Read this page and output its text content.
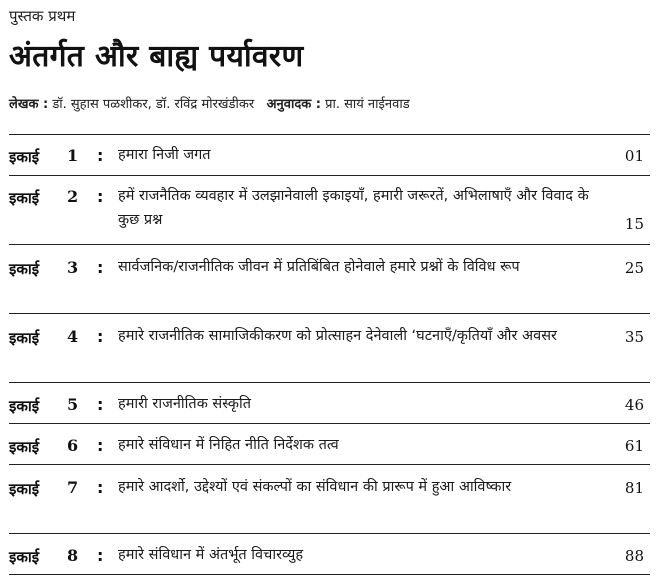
पुस्तक प्रथम
अंतर्गत और बाह्य पर्यावरण
लेखक : डॉ. सुहास पळशीकर, डॉ. रविंद्र मोरखंडीकर अनुवादक : प्रा. सायं नाईनवाड
इकाई 1 : हमारा निजी जगत	01
इकाई 2 : हमें राजनैतिक व्यवहार में उलझानेवाली इकाइयाँ, हमारी जरूरतें, अभिलाषाएँ और विवाद के कुछ प्रश्न	15
इकाई 3 : सार्वजनिक/राजनीतिक जीवन में प्रतिबिंबित होनेवाले हमारे प्रश्नों के विविध रूप	25
इकाई 4 : हमारे राजनीतिक सामाजिकीकरण को प्रोत्साहन देनेवाली ‘घटनाएँ/कृतियाँ और अवसर	35
इकाई 5 : हमारी राजनीतिक संस्कृति	46
इकाई 6 : हमारे संविधान में निहित नीति निर्देशक तत्व	61
इकाई 7 : हमारे आदर्शो, उद्देश्यों एवं संकल्पों का संविधान की प्रारूप में हुआ आविष्कार	81
इकाई 8 : हमारे संविधान में अंतर्भूत विचारव्युह	88
